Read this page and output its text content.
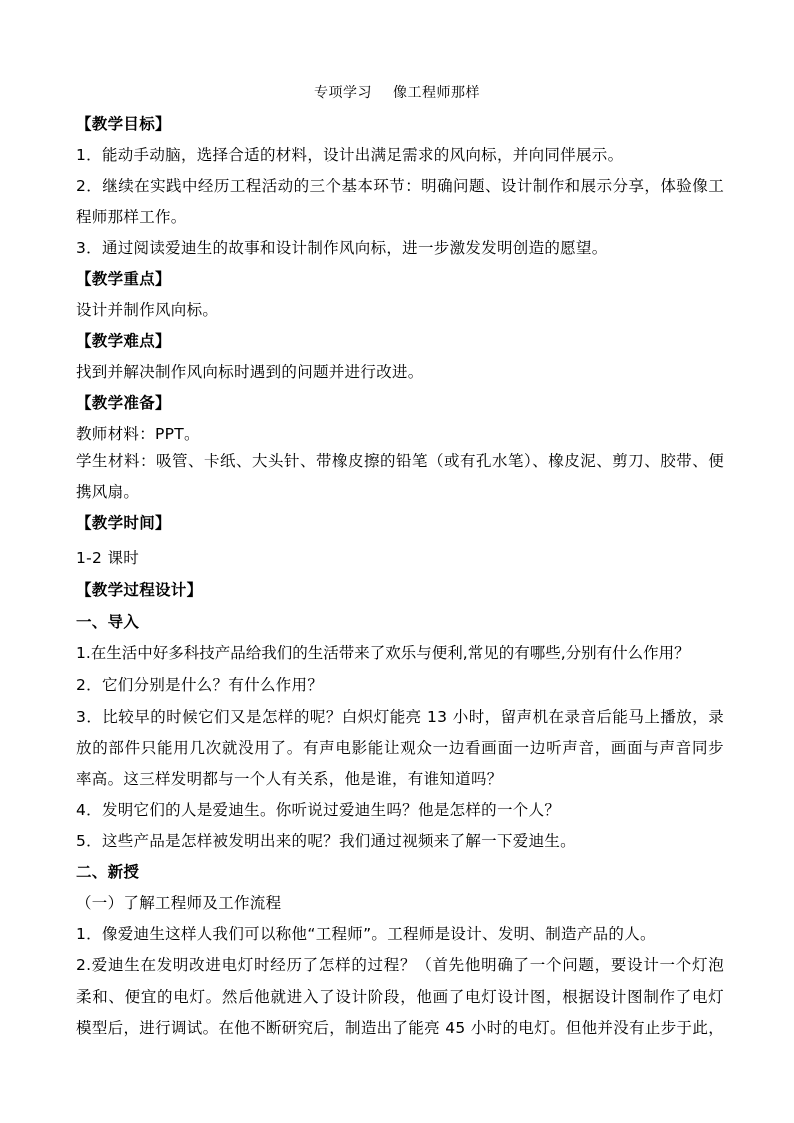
专项学习 像工程师那样
【教学目标】
1．能动手动脑，选择合适的材料，设计出满足需求的风向标，并向同伴展示。
2．继续在实践中经历工程活动的三个基本环节：明确问题、设计制作和展示分享，体验像工
程师那样工作。
3．通过阅读爱迪生的故事和设计制作风向标，进一步激发发明创造的愿望。
【教学重点】
设计并制作风向标。
【教学难点】
找到并解决制作风向标时遇到的问题并进行改进。
【教学准备】
教师材料：PPT。
学生材料：吸管、卡纸、大头针、带橡皮擦的铅笔（或有孔水笔）、橡皮泥、剪刀、胶带、便
携风扇。
【教学时间】
1-2 课时
【教学过程设计】
一、导入
1.在生活中好多科技产品给我们的生活带来了欢乐与便利,常见的有哪些,分别有什么作用？
2．它们分别是什么？有什么作用？
3．比较早的时候它们又是怎样的呢？白炽灯能亮 13 小时，留声机在录音后能马上播放，录
放的部件只能用几次就没用了。有声电影能让观众一边看画面一边听声音，画面与声音同步
率高。这三样发明都与一个人有关系，他是谁，有谁知道吗？
4．发明它们的人是爱迪生。你听说过爱迪生吗？他是怎样的一个人？
5．这些产品是怎样被发明出来的呢？我们通过视频来了解一下爱迪生。
二、新授
（一）了解工程师及工作流程
1．像爱迪生这样人我们可以称他“工程师”。工程师是设计、发明、制造产品的人。
2.爱迪生在发明改进电灯时经历了怎样的过程？（首先他明确了一个问题，要设计一个灯泡
柔和、便宜的电灯。然后他就进入了设计阶段，他画了电灯设计图，根据设计图制作了电灯
模型后，进行调试。在他不断研究后，制造出了能亮 45 小时的电灯。但他并没有止步于此，
